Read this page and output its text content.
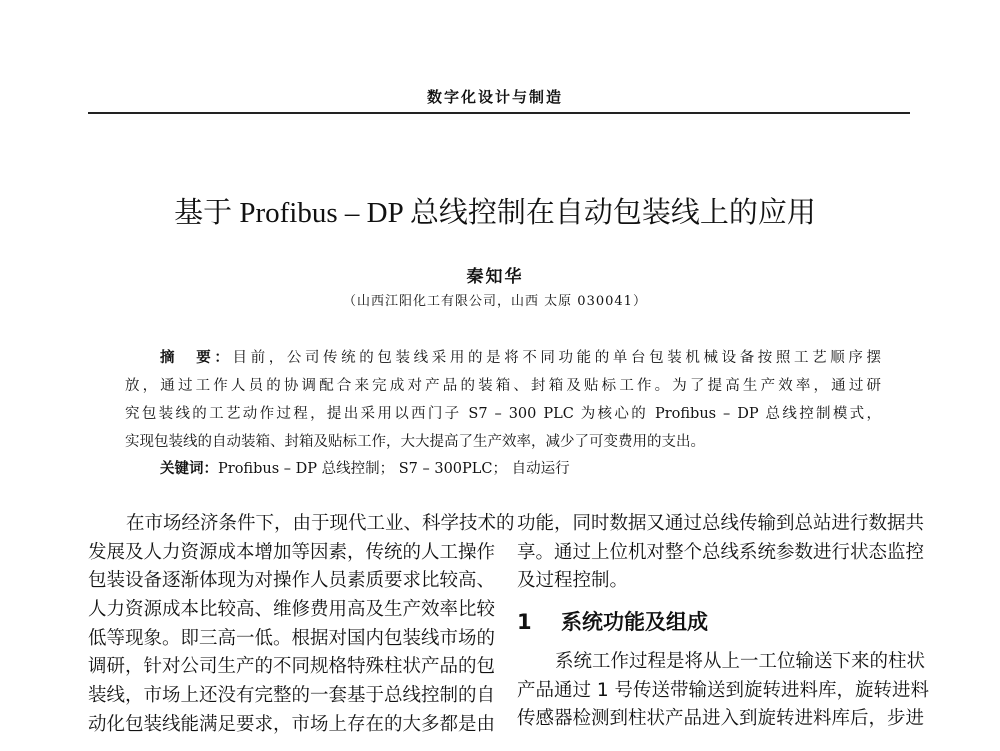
数字化设计与制造
基于 Profibus – DP 总线控制在自动包装线上的应用
秦知华
（山西江阳化工有限公司，山西 太原 030041）
摘　要：目前，公司传统的包装线采用的是将不同功能的单台包装机械设备按照工艺顺序摆
放，通过工作人员的协调配合来完成对产品的装箱、封箱及贴标工作。为了提高生产效率，通过研
究包装线的工艺动作过程，提出采用以西门子 S7 – 300 PLC 为核心的 Profibus – DP 总线控制模式，
实现包装线的自动装箱、封箱及贴标工作，大大提高了生产效率，减少了可变费用的支出。
关键词：Profibus – DP 总线控制； S7 – 300PLC； 自动运行
在市场经济条件下，由于现代工业、科学技术的
发展及人力资源成本增加等因素，传统的人工操作
包装设备逐渐体现为对操作人员素质要求比较高、
人力资源成本比较高、维修费用高及生产效率比较
低等现象。即三高一低。根据对国内包装线市场的
调研，针对公司生产的不同规格特殊柱状产品的包
装线，市场上还没有完整的一套基于总线控制的自
动化包装线能满足要求，市场上存在的大多都是由
功能，同时数据又通过总线传输到总站进行数据共
享。通过上位机对整个总线系统参数进行状态监控
及过程控制。
1 系统功能及组成
系统工作过程是将从上一工位输送下来的柱状
产品通过 1 号传送带输送到旋转进料库，旋转进料
传感器检测到柱状产品进入到旋转进料库后，步进
